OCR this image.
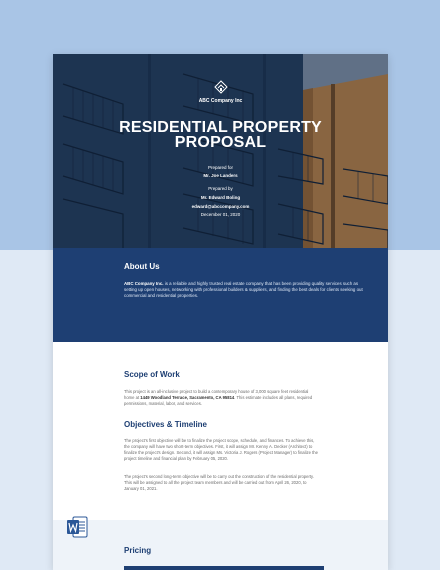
ABC Company Inc
RESIDENTIAL PROPERTY
PROPOSAL
Prepared for
Mr. Joe Landers
Prepared by
Mr. Edward Boling
edward@abccompany.com
December 01, 2020
About Us

ABC Company Inc. is a reliable and highly trusted real estate company that has been providing quality services such as setting up open houses, networking with professional builders & suppliers, and finding the best deals for clients seeking out commercial and residential properties.

Scope of Work

This project is an all-inclusive project to build a contemporary house of 3,000 square feet residential home at 1449 Woodland Terrace, Sacramento, CA 95814. This estimate includes all plans, required permissions, material, labor, and services.

Objectives & Timeline

The project's first objective will be to finalize the project scope, schedule, and finances. To achieve this, the company will have two short-term objectives. First, it will assign Mr. Kenny A. Decker (Architect) to finalize the project's design. Second, it will assign Ms. Victoria J. Rogers (Project Manager) to finalize the project timeline and financial plan by February 05, 2020.

The project's second long-term objective will be to carry out the construction of the residential property. This will be assigned to all the project team members and will be carried out from April 26, 2020, to January 01, 2021.

Pricing
